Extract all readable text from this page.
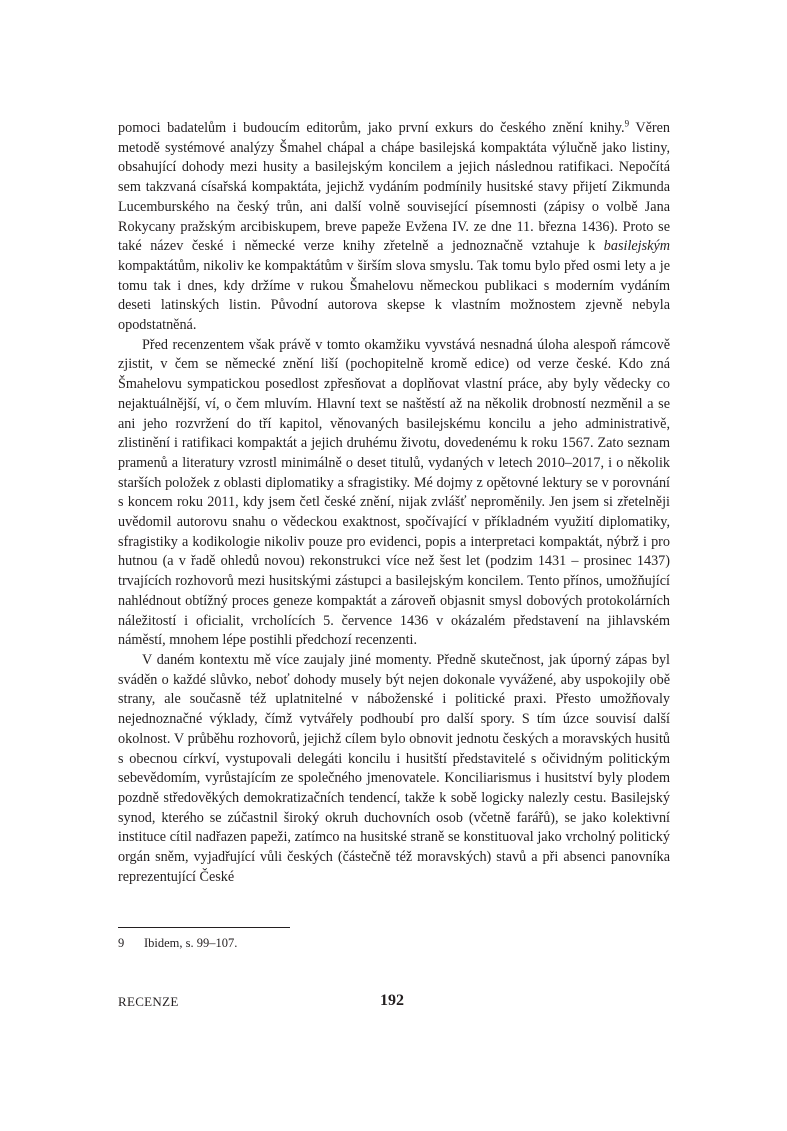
pomoci badatelům i budoucím editorům, jako první exkurs do českého znění knihy.$^9$ Věren metodě systémové analýzy Šmahel chápal a chápe basilejská kompaktáta výlučně jako listiny, obsahující dohody mezi husity a basilejským koncilem a jejich následnou ratifikaci. Nepočítá sem takzvaná císařská kompaktáta, jejichž vydáním podmínily husitské stavy přijetí Zikmunda Lucemburského na český trůn, ani další volně související písemnosti (zápisy o volbě Jana Rokycany pražským arcibiskupem, breve papeže Evžena IV. ze dne 11. března 1436). Proto se také název české i německé verze knihy zřetelně a jednoznačně vztahuje k basilejským kompaktátům, nikoliv ke kompaktátům v širším slova smyslu. Tak tomu bylo před osmi lety a je tomu tak i dnes, kdy držíme v rukou Šmahelovu německou publikaci s moderním vydáním deseti latinských listin. Původní autorova skepse k vlastním možnostem zjevně nebyla opodstatněná.

Před recenzentem však právě v tomto okamžiku vyvstává nesnadná úloha alespoň rámcově zjistit, v čem se německé znění liší (pochopitelně kromě edice) od verze české. Kdo zná Šmahelovu sympatickou posedlost zpřesňovat a doplňovat vlastní práce, aby byly vědecky co nejaktuálnější, ví, o čem mluvím. Hlavní text se naštěstí až na několik drobností nezměnil a se ani jeho rozvržení do tří kapitol, věnovaných basilejskému koncilu a jeho administrativě, zlistinění i ratifikaci kompaktát a jejich druhému životu, dovedenému k roku 1567. Zato seznam pramenů a literatury vzrostl minimálně o deset titulů, vydaných v letech 2010–2017, i o několik starších položek z oblasti diplomatiky a sfragistiky. Mé dojmy z opětovné lektury se v porovnání s koncem roku 2011, kdy jsem četl české znění, nijak zvlášť neproměnily. Jen jsem si zřetelněji uvědomil autorovu snahu o vědeckou exaktnost, spočívající v příkladném využití diplomatiky, sfragistiky a kodikologie nikoliv pouze pro evidenci, popis a interpretaci kompaktát, nýbrž i pro hutnou (a v řadě ohledů novou) rekonstrukci více než šest let (podzim 1431 – prosinec 1437) trvajících rozhovorů mezi husitskými zástupci a basilejským koncilem. Tento přínos, umožňující nahlédnout obtížný proces geneze kompaktát a zároveň objasnit smysl dobových protokolárních náležitostí i oficialit, vrcholících 5. července 1436 v okázalém představení na jihlavském náměstí, mnohem lépe postihli předchozí recenzenti.

V daném kontextu mě více zaujaly jiné momenty. Předně skutečnost, jak úporný zápas byl sváděn o každé slůvko, neboť dohody musely být nejen dokonale vyvážené, aby uspokojily obě strany, ale současně též uplatnitelné v náboženské i politické praxi. Přesto umožňovaly nejednoznačné výklady, čímž vytvářely podhoubí pro další spory. S tím úzce souvisí další okolnost. V průběhu rozhovorů, jejichž cílem bylo obnovit jednotu českých a moravských husitů s obecnou církví, vystupovali delegáti koncilu i husitští představitelé s očividným politickým sebevědomím, vyrůstajícím ze společného jmenovatele. Konciliarismus i husitství byly plodem pozdně středověkých demokratizačních tendencí, takže k sobě logicky nalezly cestu. Basilejský synod, kterého se zúčastnil široký okruh duchovních osob (včetně farářů), se jako kolektivní instituce cítil nadřazen papeži, zatímco na husitské straně se konstituoval jako vrcholný politický orgán sněm, vyjadřující vůli českých (částečně též moravských) stavů a při absenci panovníka reprezentující České

9 Ibidem, s. 99–107.
RECENZE	192
